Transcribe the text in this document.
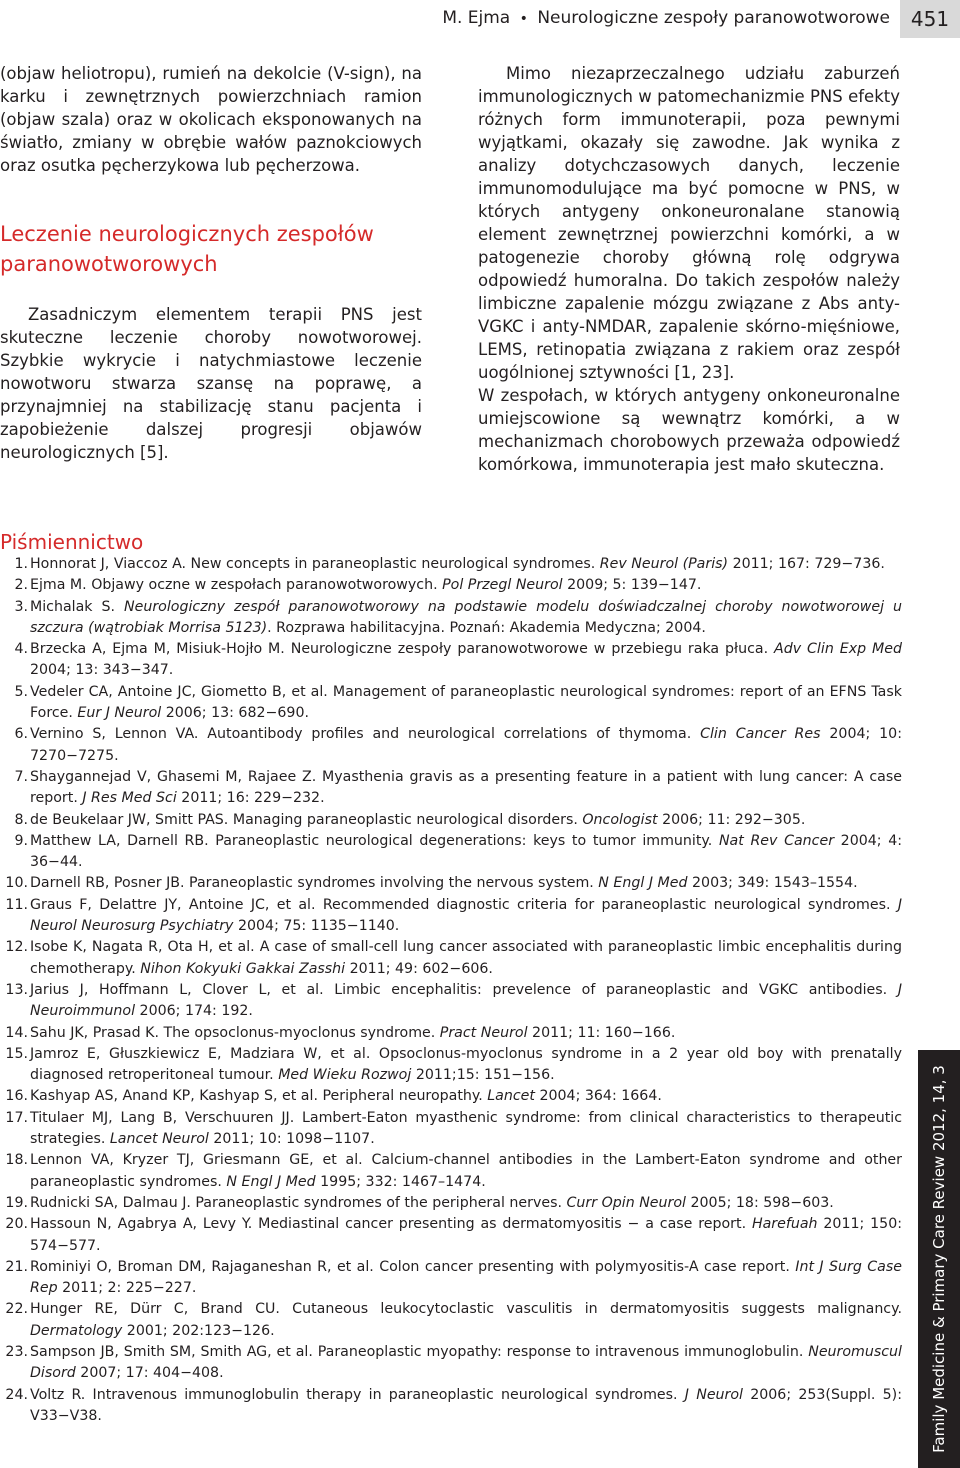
M. Ejma • Neurologiczne zespoły paranowotworowe	451

(objaw heliotropu), rumień na dekolcie (V-sign), na karku i zewnętrznych powierzchniach ramion (objaw szala) oraz w okolicach eksponowanych na światło, zmiany w obrębie wałów paznokciowych oraz osutka pęcherzykowa lub pęcherzowa.

Leczenie neurologicznych zespołów paranowotworowych

Zasadniczym elementem terapii PNS jest skuteczne leczenie choroby nowotworowej. Szybkie wykrycie i natychmiastowe leczenie nowotworu stwarza szansę na poprawę, a przynajmniej na stabilizację stanu pacjenta i zapobieżenie dalszej progresji objawów neurologicznych [5].

Mimo niezaprzeczalnego udziału zaburzeń immunologicznych w patomechanizmie PNS efekty różnych form immunoterapii, poza pewnymi wyjątkami, okazały się zawodne. Jak wynika z analizy dotychczasowych danych, leczenie immunomodulujące ma być pomocne w PNS, w których antygeny onkoneuronalane stanowią element zewnętrznej powierzchni komórki, a w patogenezie choroby główną rolę odgrywa odpowiedź humoralna. Do takich zespołów należy limbiczne zapalenie mózgu związane z Abs anty-VGKC i anty-NMDAR, zapalenie skórno-mięśniowe, LEMS, retinopatia związana z rakiem oraz zespół uogólnionej sztywności [1, 23].

W zespołach, w których antygeny onkoneuronalne umiejscowione są wewnątrz komórki, a w mechanizmach chorobowych przeważa odpowiedź komórkowa, immunoterapia jest mało skuteczna.

Piśmiennictwo
1. Honnorat J, Viaccoz A. New concepts in paraneoplastic neurological syndromes. Rev Neurol (Paris) 2011; 167: 729−736.
2. Ejma M. Objawy oczne w zespołach paranowotworowych. Pol Przegl Neurol 2009; 5: 139−147.
3. Michalak S. Neurologiczny zespół paranowotworowy na podstawie modelu doświadczalnej choroby nowotworowej u szczura (wątrobiak Morrisa 5123). Rozprawa habilitacyjna. Poznań: Akademia Medyczna; 2004.
4. Brzecka A, Ejma M, Misiuk-Hojło M. Neurologiczne zespoły paranowotworowe w przebiegu raka płuca. Adv Clin Exp Med 2004; 13: 343−347.
5. Vedeler CA, Antoine JC, Giometto B, et al. Management of paraneoplastic neurological syndromes: report of an EFNS Task Force. Eur J Neurol 2006; 13: 682−690.
6. Vernino S, Lennon VA. Autoantibody profiles and neurological correlations of thymoma. Clin Cancer Res 2004; 10: 7270−7275.
7. Shaygannejad V, Ghasemi M, Rajaee Z. Myasthenia gravis as a presenting feature in a patient with lung cancer: A case report. J Res Med Sci 2011; 16: 229−232.
8. de Beukelaar JW, Smitt PAS. Managing paraneoplastic neurological disorders. Oncologist 2006; 11: 292−305.
9. Matthew LA, Darnell RB. Paraneoplastic neurological degenerations: keys to tumor immunity. Nat Rev Cancer 2004; 4: 36−44.
10. Darnell RB, Posner JB. Paraneoplastic syndromes involving the nervous system. N Engl J Med 2003; 349: 1543–1554.
11. Graus F, Delattre JY, Antoine JC, et al. Recommended diagnostic criteria for paraneoplastic neurological syndromes. J Neurol Neurosurg Psychiatry 2004; 75: 1135−1140.
12. Isobe K, Nagata R, Ota H, et al. A case of small-cell lung cancer associated with paraneoplastic limbic encephalitis during chemotherapy. Nihon Kokyuki Gakkai Zasshi 2011; 49: 602−606.
13. Jarius J, Hoffmann L, Clover L, et al. Limbic encephalitis: prevelence of paraneoplastic and VGKC antibodies. J Neuroimmunol 2006; 174: 192.
14. Sahu JK, Prasad K. The opsoclonus-myoclonus syndrome. Pract Neurol 2011; 11: 160−166.
15. Jamroz E, Głuszkiewicz E, Madziara W, et al. Opsoclonus-myoclonus syndrome in a 2 year old boy with prenatally diagnosed retroperitoneal tumour. Med Wieku Rozwoj 2011;15: 151−156.
16. Kashyap AS, Anand KP, Kashyap S, et al. Peripheral neuropathy. Lancet 2004; 364: 1664.
17. Titulaer MJ, Lang B, Verschuuren JJ. Lambert-Eaton myasthenic syndrome: from clinical characteristics to therapeutic strategies. Lancet Neurol 2011; 10: 1098−1107.
18. Lennon VA, Kryzer TJ, Griesmann GE, et al. Calcium-channel antibodies in the Lambert-Eaton syndrome and other paraneoplastic syndromes. N Engl J Med 1995; 332: 1467–1474.
19. Rudnicki SA, Dalmau J. Paraneoplastic syndromes of the peripheral nerves. Curr Opin Neurol 2005; 18: 598−603.
20. Hassoun N, Agabrya A, Levy Y. Mediastinal cancer presenting as dermatomyositis − a case report. Harefuah 2011; 150: 574−577.
21. Rominiyi O, Broman DM, Rajaganeshan R, et al. Colon cancer presenting with polymyositis-A case report. Int J Surg Case Rep 2011; 2: 225−227.
22. Hunger RE, Dürr C, Brand CU. Cutaneous leukocytoclastic vasculitis in dermatomyositis suggests malignancy. Dermatology 2001; 202:123−126.
23. Sampson JB, Smith SM, Smith AG, et al. Paraneoplastic myopathy: response to intravenous immunoglobulin. Neuromuscul Disord 2007; 17: 404−408.
24. Voltz R. Intravenous immunoglobulin therapy in paraneoplastic neurological syndromes. J Neurol 2006; 253(Suppl. 5): V33−V38.	Family Medicine & Primary Care Review 2012, 14, 3
